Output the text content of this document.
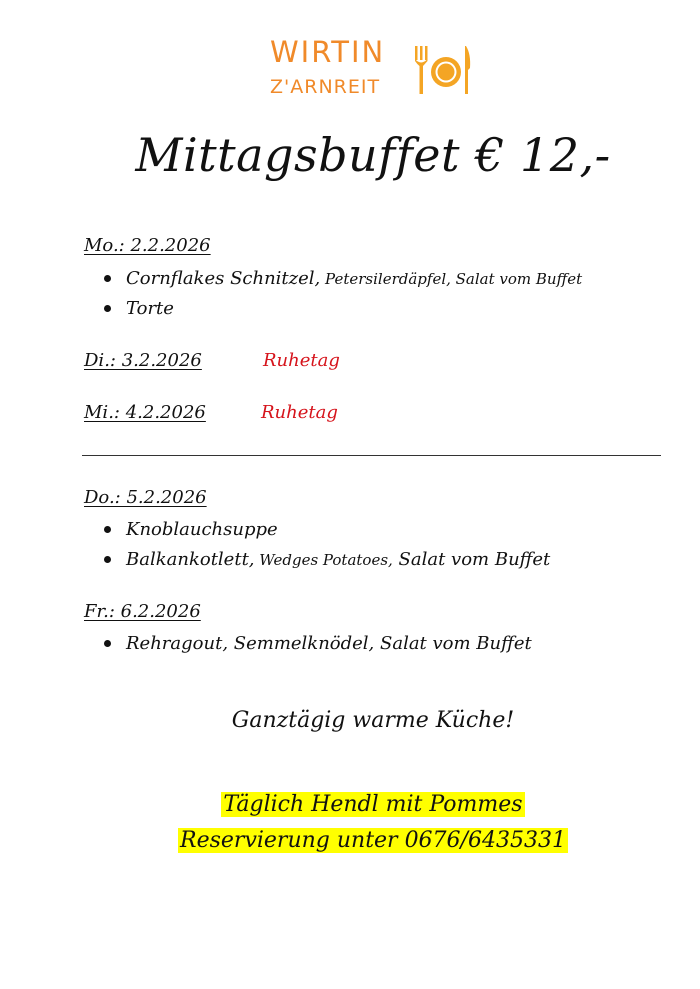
WIRTIN
Z'ARNREIT
Mittagsbuffet € 12,-
Mo.: 2.2.2026
Cornflakes Schnitzel, Petersilerdäpfel, Salat vom Buffet
Torte
Di.: 3.2.2026	Ruhetag
Mi.: 4.2.2026	Ruhetag
Do.: 5.2.2026
Knoblauchsuppe
Balkankotlett, Wedges Potatoes, Salat vom Buffet
Fr.: 6.2.2026
Rehragout, Semmelknödel, Salat vom Buffet
Ganztägig warme Küche!
Täglich Hendl mit Pommes
Reservierung unter 0676/6435331
